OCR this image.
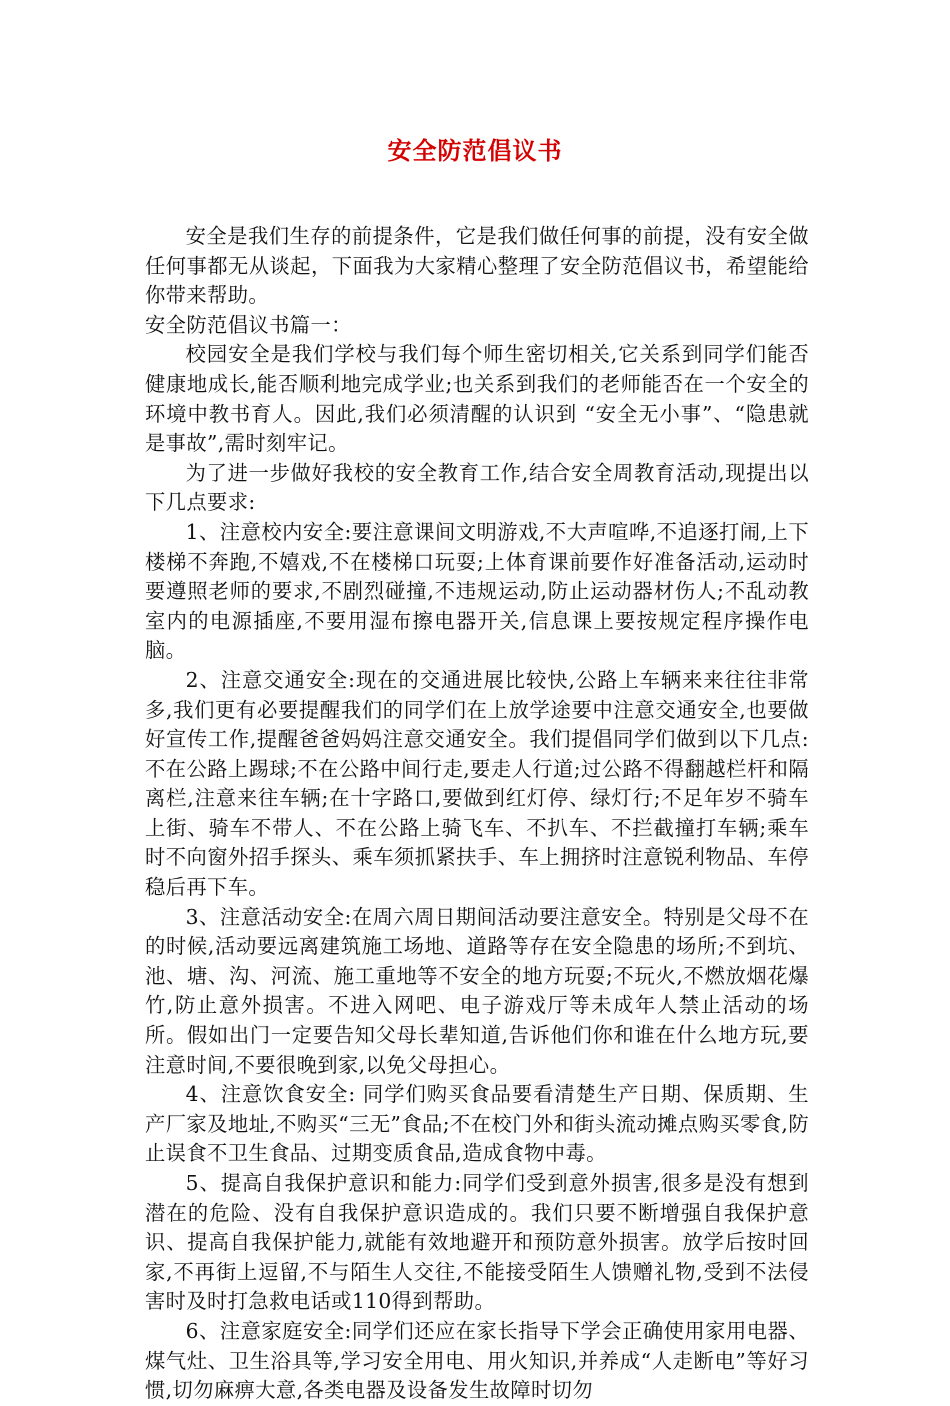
安全防范倡议书

安全是我们生存的前提条件，它是我们做任何事的前提，没有安全做任何事都无从谈起，下面我为大家精心整理了安全防范倡议书，希望能给你带来帮助。

安全防范倡议书篇一：

校园安全是我们学校与我们每个师生密切相关,它关系到同学们能否健康地成长,能否顺利地完成学业;也关系到我们的老师能否在一个安全的环境中教书育人。因此,我们必须清醒的认识到 “安全无小事”、“隐患就是事故”,需时刻牢记。

为了进一步做好我校的安全教育工作,结合安全周教育活动,现提出以下几点要求:

1、注意校内安全:要注意课间文明游戏,不大声喧哗,不追逐打闹,上下楼梯不奔跑,不嬉戏,不在楼梯口玩耍;上体育课前要作好准备活动,运动时要遵照老师的要求,不剧烈碰撞,不违规运动,防止运动器材伤人;不乱动教室内的电源插座,不要用湿布擦电器开关,信息课上要按规定程序操作电脑。

2、注意交通安全:现在的交通进展比较快,公路上车辆来来往往非常多,我们更有必要提醒我们的同学们在上放学途要中注意交通安全,也要做好宣传工作,提醒爸爸妈妈注意交通安全。我们提倡同学们做到以下几点:不在公路上踢球;不在公路中间行走,要走人行道;过公路不得翻越栏杆和隔离栏,注意来往车辆;在十字路口,要做到红灯停、绿灯行;不足年岁不骑车上街、骑车不带人、不在公路上骑飞车、不扒车、不拦截撞打车辆;乘车时不向窗外招手探头、乘车须抓紧扶手、车上拥挤时注意锐利物品、车停稳后再下车。

3、注意活动安全:在周六周日期间活动要注意安全。特别是父母不在的时候,活动要远离建筑施工场地、道路等存在安全隐患的场所;不到坑、池、塘、沟、河流、施工重地等不安全的地方玩耍;不玩火,不燃放烟花爆竹,防止意外损害。不进入网吧、电子游戏厅等未成年人禁止活动的场所。假如出门一定要告知父母长辈知道,告诉他们你和谁在什么地方玩,要注意时间,不要很晚到家,以免父母担心。

4、注意饮食安全: 同学们购买食品要看清楚生产日期、保质期、生产厂家及地址,不购买“三无”食品;不在校门外和街头流动摊点购买零食,防止误食不卫生食品、过期变质食品,造成食物中毒。

5、提高自我保护意识和能力:同学们受到意外损害,很多是没有想到潜在的危险、没有自我保护意识造成的。我们只要不断增强自我保护意识、提高自我保护能力,就能有效地避开和预防意外损害。放学后按时回家,不再街上逗留,不与陌生人交往,不能接受陌生人馈赠礼物,受到不法侵害时及时打急救电话或110得到帮助。

6、注意家庭安全:同学们还应在家长指导下学会正确使用家用电器、煤气灶、卫生浴具等,学习安全用电、用火知识,并养成“人走断电”等好习惯,切勿麻痹大意,各类电器及设备发生故障时切勿
